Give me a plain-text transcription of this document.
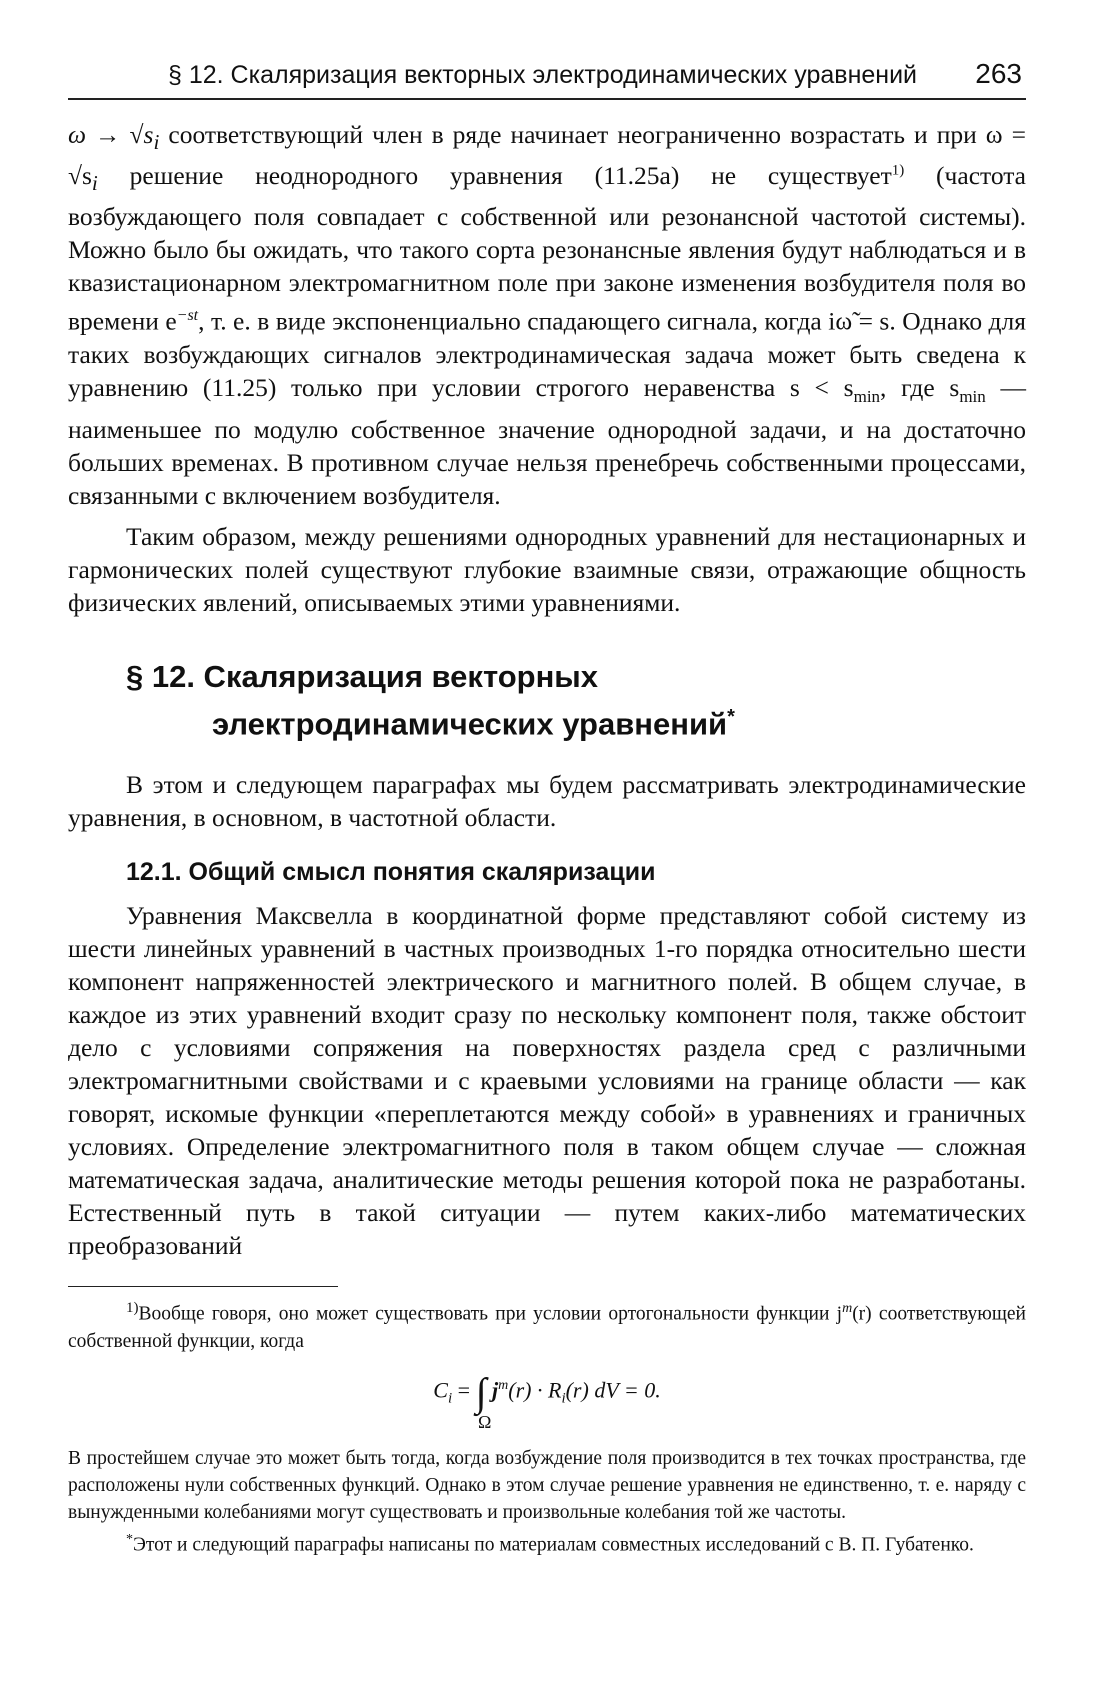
§ 12. Скаляризация векторных электродинамических уравнений 263

$\omega \to √s_i$ соответствующий член в ряде начинает неограниченно возрастать и при $\omega = √s_i$ решение неоднородного уравнения (11.25а) не существует$^{1)}$ (частота возбуждающего поля совпадает с собственной или резонансной частотой системы). Можно было бы ожидать, что такого сорта резонансные явления будут наблюдаться и в квазистационарном электромагнитном поле при законе изменения возбудителя поля во времени $e^{-st}$, т. е. в виде экспоненциально спадающего сигнала, когда iω̃ = s. Однако для таких возбуждающих сигналов электродинамическая задача может быть сведена к уравнению (11.25) только при условии строгого неравенства $s < s_{min}$, где $s_{min}$ — наименьшее по модулю собственное значение однородной задачи, и на достаточно больших временах. В противном случае нельзя пренебречь собственными процессами, связанными с включением возбудителя.

Таким образом, между решениями однородных уравнений для нестационарных и гармонических полей существуют глубокие взаимные связи, отражающие общность физических явлений, описываемых этими уравнениями.

§ 12. Скаляризация векторных
электродинамических уравнений*

В этом и следующем параграфах мы будем рассматривать электродинамические уравнения, в основном, в частотной области.

12.1. Общий смысл понятия скаляризации

Уравнения Максвелла в координатной форме представляют собой систему из шести линейных уравнений в частных производных 1-го порядка относительно шести компонент напряженностей электрического и магнитного полей. В общем случае, в каждое из этих уравнений входит сразу по нескольку компонент поля, также обстоит дело с условиями сопряжения на поверхностях раздела сред с различными электромагнитными свойствами и с краевыми условиями на границе области — как говорят, искомые функции «переплетаются между собой» в уравнениях и граничных условиях. Определение электромагнитного поля в таком общем случае — сложная математическая задача, аналитические методы решения которой пока не разработаны. Естественный путь в такой ситуации — путем каких-либо математических преобразований

$^{1)}$Вообще говоря, оно может существовать при условии ортогональности функции $j^m(r)$ соответствующей собственной функции, когда

$C_i$ = ∫ $j^m(r) \cdot R_i(r)$ dV = 0.
Ω

В простейшем случае это может быть тогда, когда возбуждение поля производится в тех точках пространства, где расположены нули собственных функций. Однако в этом случае решение уравнения не единственно, т. е. наряду с вынужденными колебаниями могут существовать и произвольные колебания той же частоты.

*Этот и следующий параграфы написаны по материалам совместных исследований с В. П. Губатенко.
